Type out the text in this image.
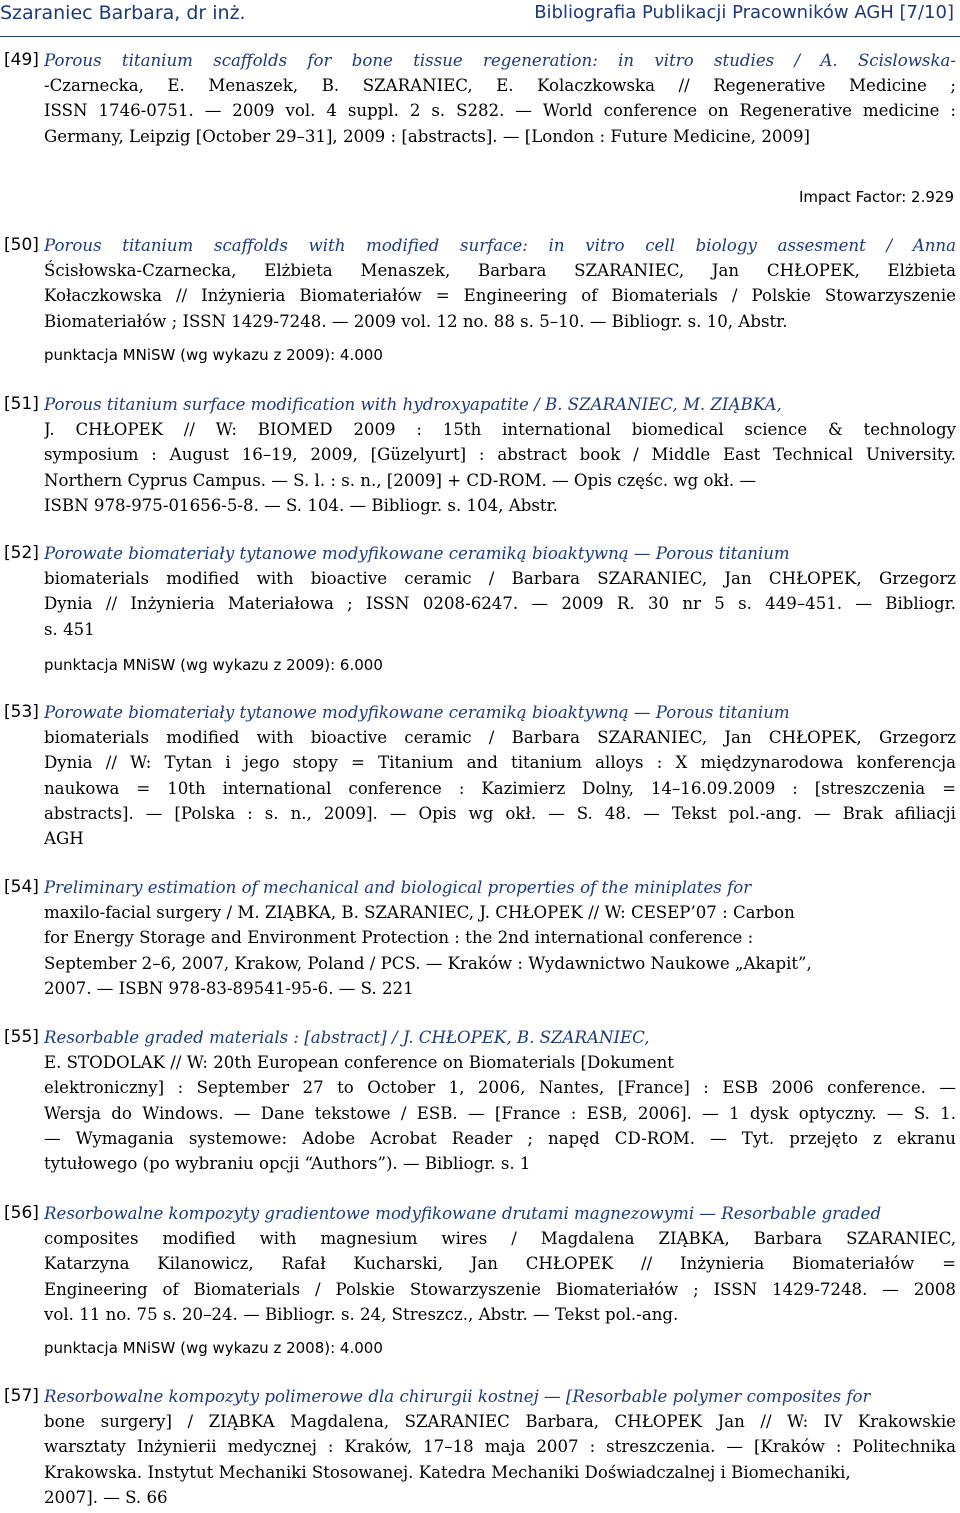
Szaraniec Barbara, dr inż.	Bibliografia Publikacji Pracowników AGH [7/10]
[49] Porous titanium scaffolds for bone tissue regeneration: in vitro studies / A. Scislowska-
-Czarnecka, E. Menaszek, B. SZARANIEC, E. Kolaczkowska // Regenerative Medicine ;
ISSN 1746-0751. — 2009 vol. 4 suppl. 2 s. S282. — World conference on Regenerative medicine :
Germany, Leipzig [October 29–31], 2009 : [abstracts]. — [London : Future Medicine, 2009]
Impact Factor: 2.929
[50] Porous titanium scaffolds with modified surface: in vitro cell biology assesment / Anna
Ścisłowska-Czarnecka, Elżbieta Menaszek, Barbara SZARANIEC, Jan CHŁOPEK, Elżbieta
Kołaczkowska // Inżynieria Biomateriałów = Engineering of Biomaterials / Polskie Stowarzyszenie
Biomateriałów ; ISSN 1429-7248. — 2009 vol. 12 no. 88 s. 5–10. — Bibliogr. s. 10, Abstr.
punktacja MNiSW (wg wykazu z 2009): 4.000
[51] Porous titanium surface modification with hydroxyapatite / B. SZARANIEC, M. ZIĄBKA,
J. CHŁOPEK // W: BIOMED 2009 : 15th international biomedical science & technology
symposium : August 16–19, 2009, [Güzelyurt] : abstract book / Middle East Technical University.
Northern Cyprus Campus. — S. l. : s. n., [2009] + CD-ROM. — Opis częśc. wg okł. —
ISBN 978-975-01656-5-8. — S. 104. — Bibliogr. s. 104, Abstr.
[52] Porowate biomateriały tytanowe modyfikowane ceramiką bioaktywną — Porous titanium
biomaterials modified with bioactive ceramic / Barbara SZARANIEC, Jan CHŁOPEK, Grzegorz
Dynia // Inżynieria Materiałowa ; ISSN 0208-6247. — 2009 R. 30 nr 5 s. 449–451. — Bibliogr.
s. 451
punktacja MNiSW (wg wykazu z 2009): 6.000
[53] Porowate biomateriały tytanowe modyfikowane ceramiką bioaktywną — Porous titanium
biomaterials modified with bioactive ceramic / Barbara SZARANIEC, Jan CHŁOPEK, Grzegorz
Dynia // W: Tytan i jego stopy = Titanium and titanium alloys : X międzynarodowa konferencja
naukowa = 10th international conference : Kazimierz Dolny, 14–16.09.2009 : [streszczenia =
abstracts]. — [Polska : s. n., 2009]. — Opis wg okł. — S. 48. — Tekst pol.-ang. — Brak afiliacji
AGH
[54] Preliminary estimation of mechanical and biological properties of the miniplates for
maxilo-facial surgery / M. ZIĄBKA, B. SZARANIEC, J. CHŁOPEK // W: CESEP’07 : Carbon
for Energy Storage and Environment Protection : the 2nd international conference :
September 2–6, 2007, Krakow, Poland / PCS. — Kraków : Wydawnictwo Naukowe „Akapit”,
2007. — ISBN 978-83-89541-95-6. — S. 221
[55] Resorbable graded materials : [abstract] / J. CHŁOPEK, B. SZARANIEC,
E. STODOLAK // W: 20th European conference on Biomaterials [Dokument
elektroniczny] : September 27 to October 1, 2006, Nantes, [France] : ESB 2006 conference. —
Wersja do Windows. — Dane tekstowe / ESB. — [France : ESB, 2006]. — 1 dysk optyczny. — S. 1.
— Wymagania systemowe: Adobe Acrobat Reader ; napęd CD-ROM. — Tyt. przejęto z ekranu
tytułowego (po wybraniu opcji “Authors”). — Bibliogr. s. 1
[56] Resorbowalne kompozyty gradientowe modyfikowane drutami magnezowymi — Resorbable graded
composites modified with magnesium wires / Magdalena ZIĄBKA, Barbara SZARANIEC,
Katarzyna Kilanowicz, Rafał Kucharski, Jan CHŁOPEK // Inżynieria Biomateriałów =
Engineering of Biomaterials / Polskie Stowarzyszenie Biomateriałów ; ISSN 1429-7248. — 2008
vol. 11 no. 75 s. 20–24. — Bibliogr. s. 24, Streszcz., Abstr. — Tekst pol.-ang.
punktacja MNiSW (wg wykazu z 2008): 4.000
[57] Resorbowalne kompozyty polimerowe dla chirurgii kostnej — [Resorbable polymer composites for
bone surgery] / ZIĄBKA Magdalena, SZARANIEC Barbara, CHŁOPEK Jan // W: IV Krakowskie
warsztaty Inżynierii medycznej : Kraków, 17–18 maja 2007 : streszczenia. — [Kraków : Politechnika
Krakowska. Instytut Mechaniki Stosowanej. Katedra Mechaniki Doświadczalnej i Biomechaniki,
2007]. — S. 66
